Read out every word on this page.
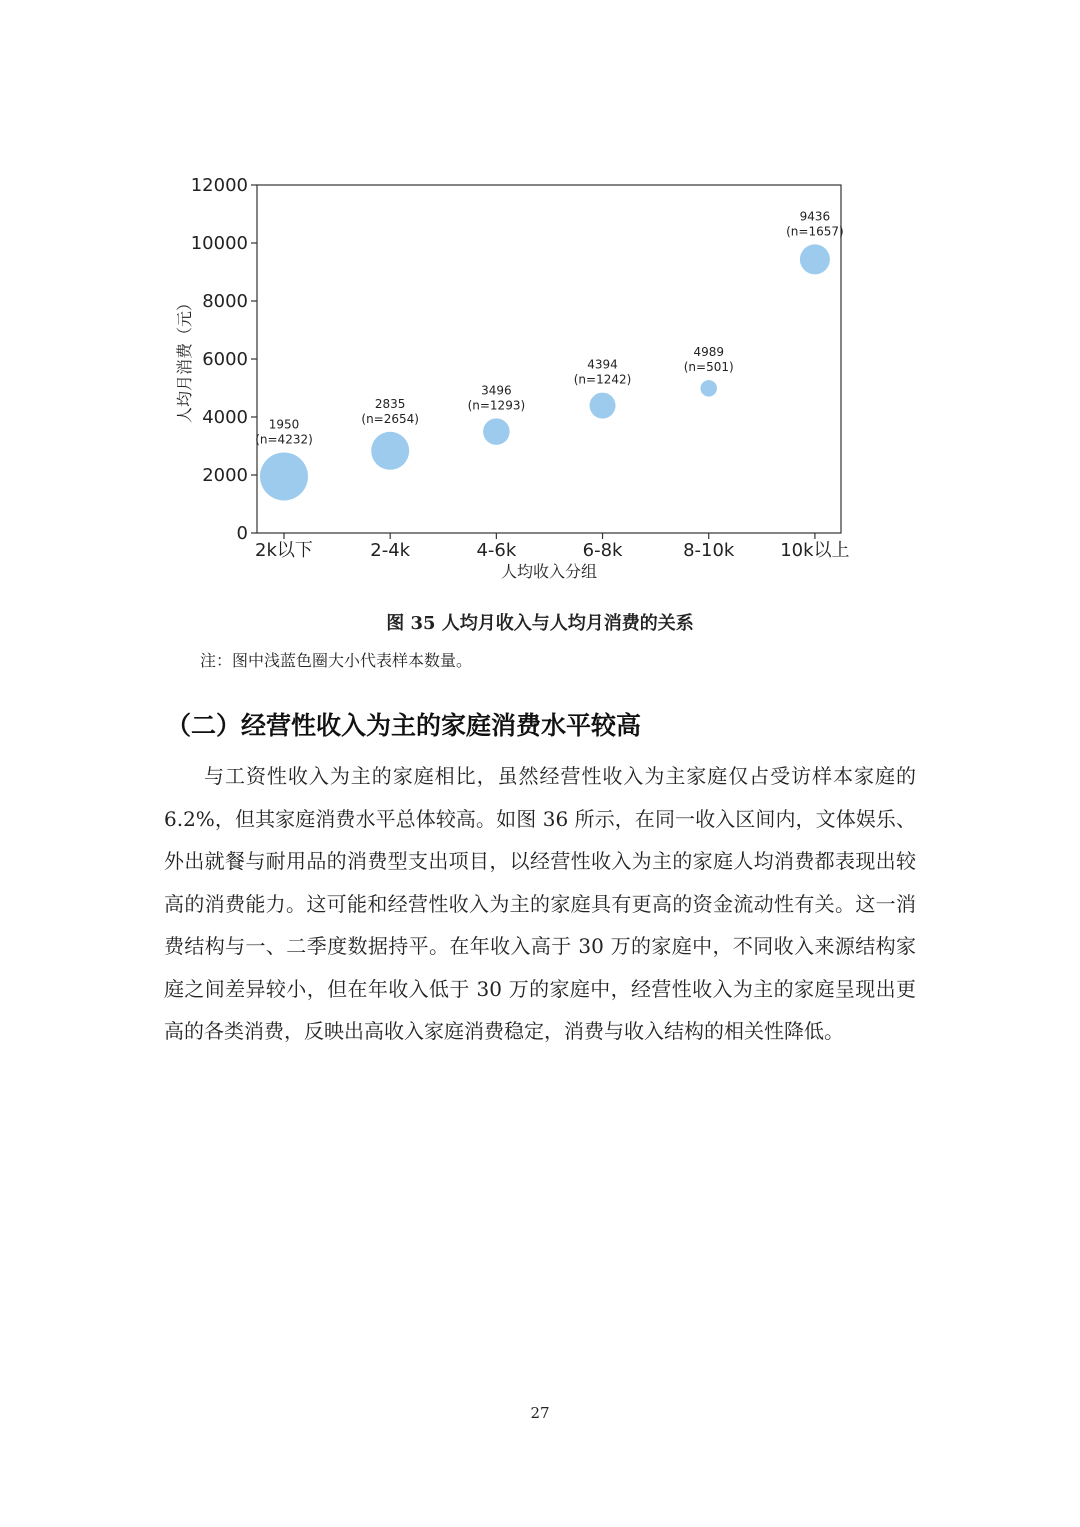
0
2000
4000
6000
8000
10000
12000
2k以下	2-4k	4-6k	6-8k	8-10k	10k以上
(n=4232)
1950	(n=2654)
2835	(n=1293)
3496
(n=1242)
4394	(n=501)
4989
(n=1657)
9436
人均收入分组
人均月消费（元）
图 35 人均月收入与人均月消费的关系
注：图中浅蓝色圈大小代表样本数量。
（二）经营性收入为主的家庭消费水平较高

与工资性收入为主的家庭相比，虽然经营性收入为主家庭仅占受访样本家庭的 6.2%，但其家庭消费水平总体较高。如图 36 所示，在同一收入区间内，文体娱乐、外出就餐与耐用品的消费型支出项目，以经营性收入为主的家庭人均消费都表现出较高的消费能力。这可能和经营性收入为主的家庭具有更高的资金流动性有关。这一消费结构与一、二季度数据持平。在年收入高于 30 万的家庭中，不同收入来源结构家庭之间差异较小，但在年收入低于 30 万的家庭中，经营性收入为主的家庭呈现出更高的各类消费，反映出高收入家庭消费稳定，消费与收入结构的相关性降低。

27
